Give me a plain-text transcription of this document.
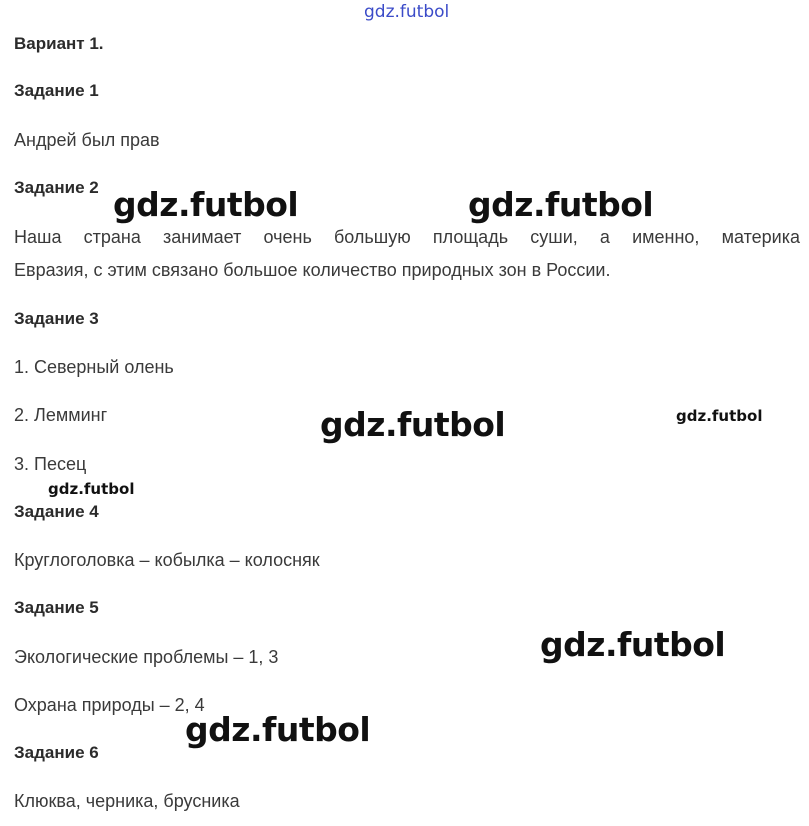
gdz.futbol
Вариант 1.
Задание 1
Андрей был прав
Задание 2
Наша страна занимает очень большую площадь суши, а именно, материка
Евразия, с этим связано большое количество природных зон в России.
Задание 3
1. Северный олень
2. Лемминг
3. Песец
Задание 4
Круглоголовка – кобылка – колосняк
Задание 5
Экологические проблемы – 1, 3
Охрана природы – 2, 4
Задание 6
Клюква, черника, брусника
gdz.futbol	gdz.futbol
gdz.futbol	gdz.futbol
gdz.futbol
gdz.futbol
gdz.futbol
